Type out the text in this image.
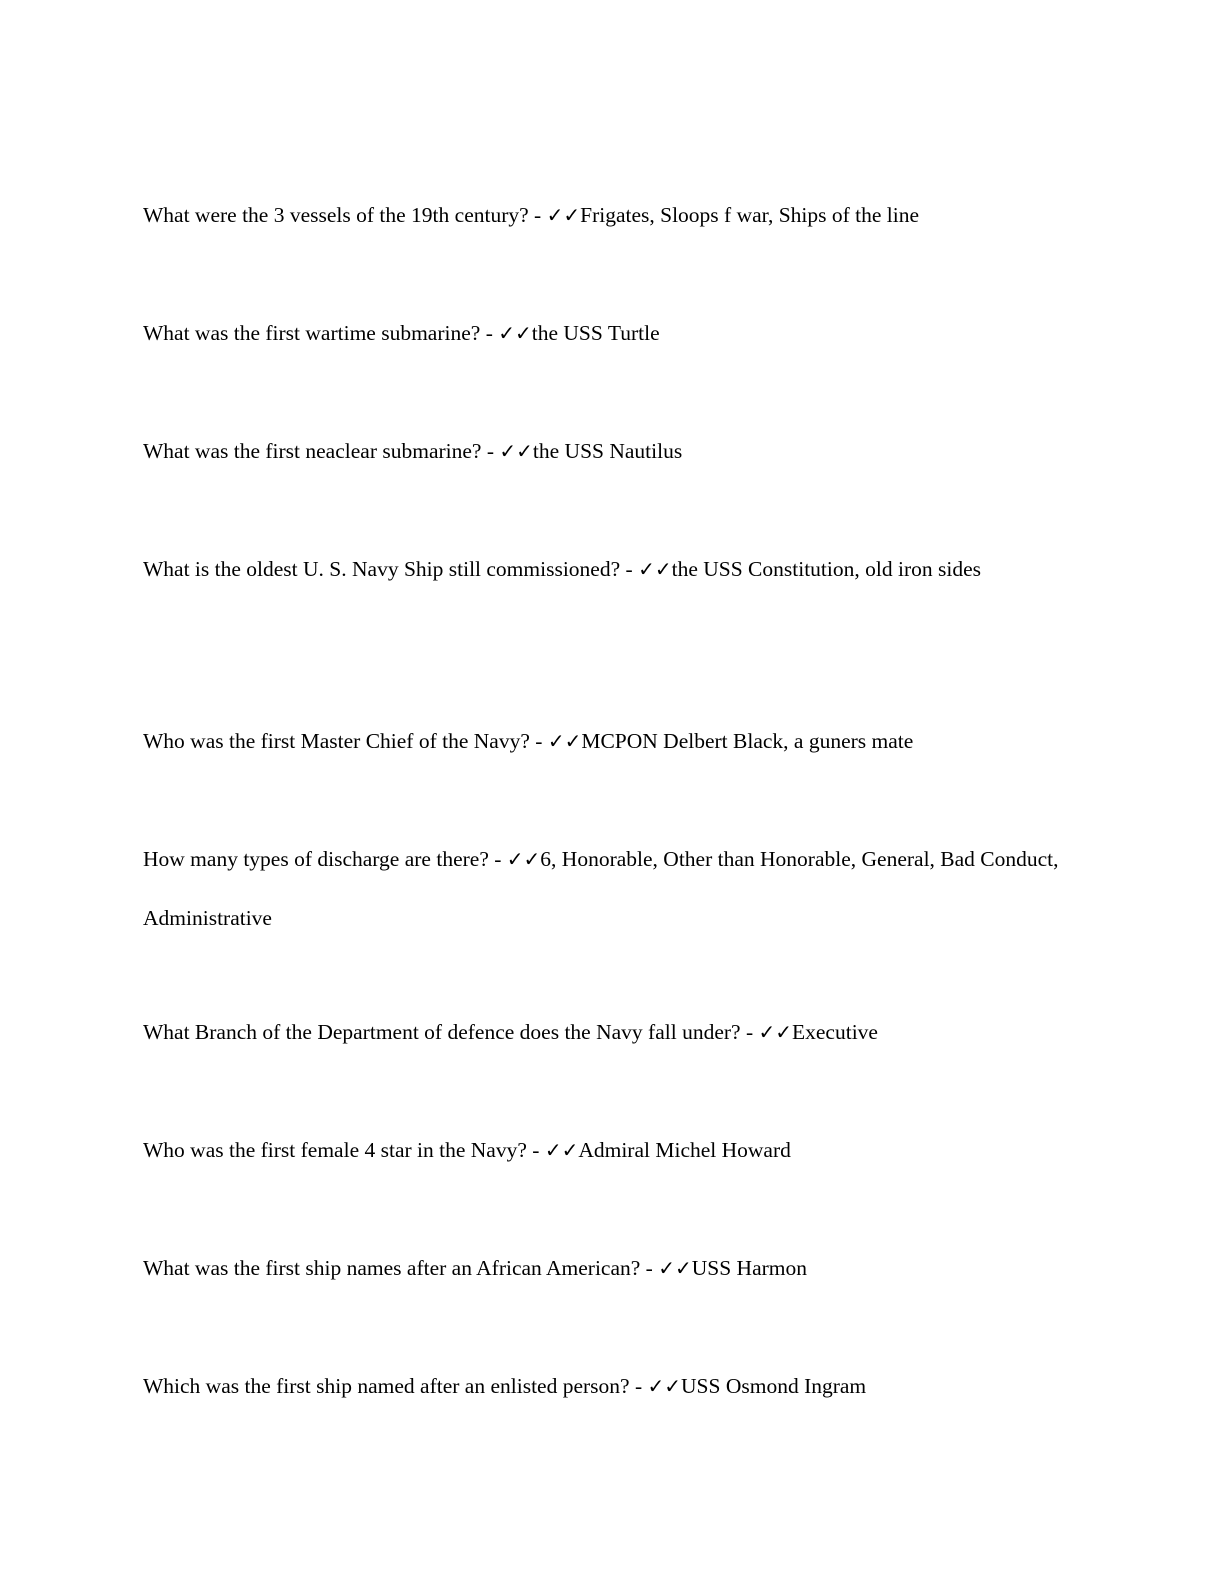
What were the 3 vessels of the 19th century? - ✓✓Frigates, Sloops f war, Ships of the line

What was the first wartime submarine? - ✓✓the USS Turtle

What was the first neaclear submarine? - ✓✓the USS Nautilus

What is the oldest U. S. Navy Ship still commissioned? - ✓✓the USS Constitution, old iron sides

Who was the first Master Chief of the Navy? - ✓✓MCPON Delbert Black, a guners mate

How many types of discharge are there? - ✓✓6, Honorable, Other than Honorable, General, Bad Conduct, Administrative

What Branch of the Department of defence does the Navy fall under? - ✓✓Executive

Who was the first female 4 star in the Navy? - ✓✓Admiral Michel Howard

What was the first ship names after an African American? - ✓✓USS Harmon

Which was the first ship named after an enlisted person? - ✓✓USS Osmond Ingram
